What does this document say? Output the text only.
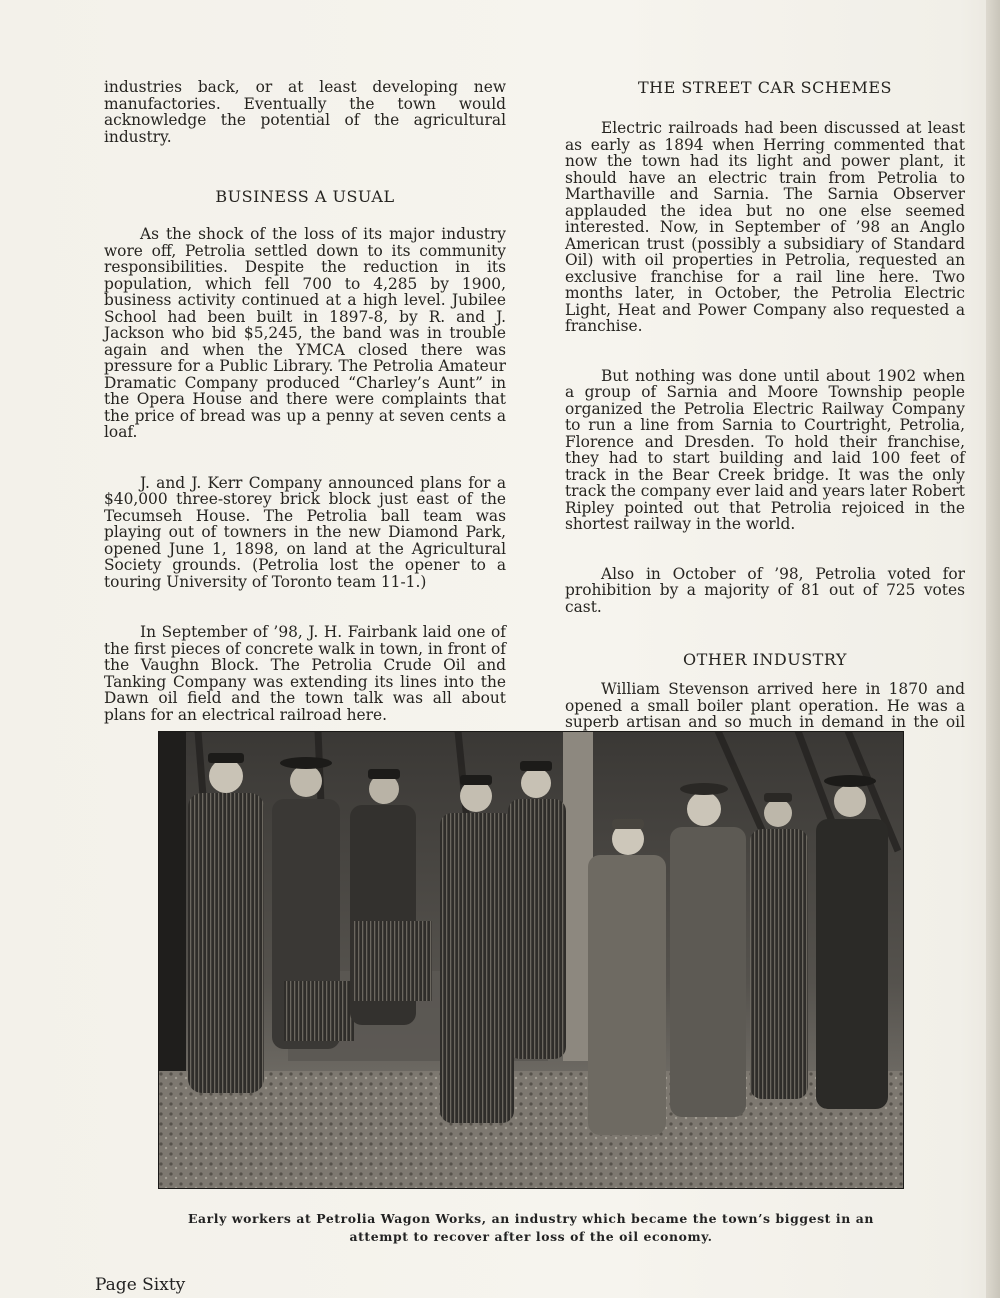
industries back, or at least developing new manufactories. Eventually the town would acknowledge the potential of the agricultural industry.

BUSINESS A USUAL

As the shock of the loss of its major industry wore off, Petrolia settled down to its community responsibilities. Despite the reduction in its population, which fell 700 to 4,285 by 1900, business activity continued at a high level. Jubilee School had been built in 1897-8, by R. and J. Jackson who bid $5,245, the band was in trouble again and when the YMCA closed there was pressure for a Public Library. The Petrolia Amateur Dramatic Company produced “Charley’s Aunt” in the Opera House and there were complaints that the price of bread was up a penny at seven cents a loaf.

J. and J. Kerr Company announced plans for a $40,000 three-storey brick block just east of the Tecumseh House. The Petrolia ball team was playing out of towners in the new Diamond Park, opened June 1, 1898, on land at the Agricultural Society grounds. (Petrolia lost the opener to a touring University of Toronto team 11-1.)

In September of ’98, J. H. Fairbank laid one of the first pieces of concrete walk in town, in front of the Vaughn Block. The Petrolia Crude Oil and Tanking Company was extending its lines into the Dawn oil field and the town talk was all about plans for an electrical railroad here.

THE STREET CAR SCHEMES

Electric railroads had been discussed at least as early as 1894 when Herring commented that now the town had its light and power plant, it should have an electric train from Petrolia to Marthaville and Sarnia. The Sarnia Observer applauded the idea but no one else seemed interested. Now, in September of ’98 an Anglo American trust (possibly a subsidiary of Standard Oil) with oil properties in Petrolia, requested an exclusive franchise for a rail line here. Two months later, in October, the Petrolia Electric Light, Heat and Power Company also requested a franchise.

But nothing was done until about 1902 when a group of Sarnia and Moore Township people organized the Petrolia Electric Railway Company to run a line from Sarnia to Courtright, Petrolia, Florence and Dresden. To hold their franchise, they had to start building and laid 100 feet of track in the Bear Creek bridge. It was the only track the company ever laid and years later Robert Ripley pointed out that Petrolia rejoiced in the shortest railway in the world.

Also in October of ’98, Petrolia voted for prohibition by a majority of 81 out of 725 votes cast.

OTHER INDUSTRY

William Stevenson arrived here in 1870 and opened a small boiler plant operation. He was a superb artisan and so much in demand in the oil

Early workers at Petrolia Wagon Works, an industry which became the town’s biggest in an
attempt to recover after loss of the oil economy.
Page Sixty
